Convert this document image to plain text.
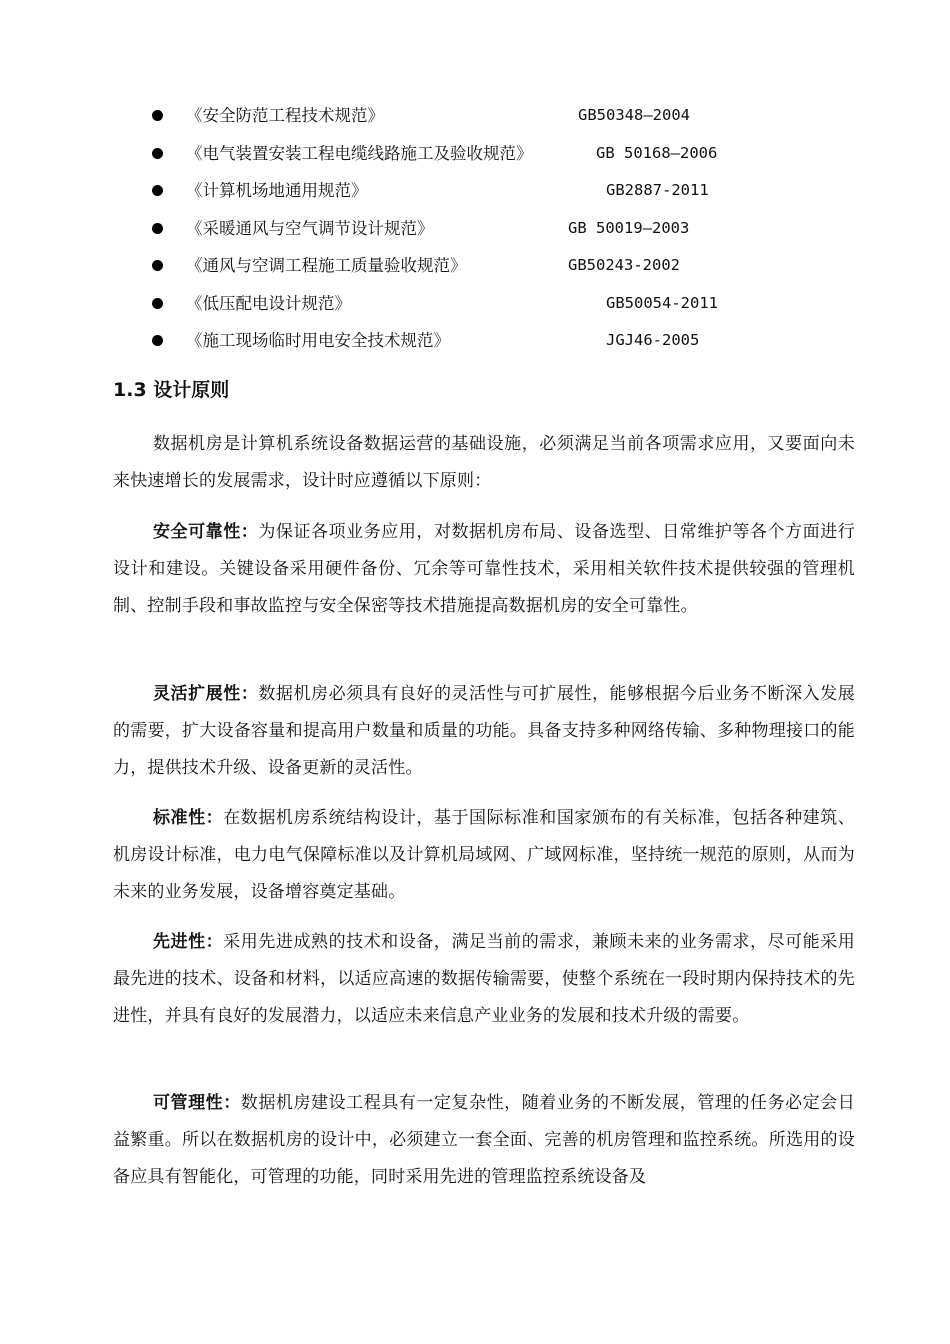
《安全防范工程技术规范》	GB50348—2004
《电气装置安装工程电缆线路施工及验收规范》	GB 50168—2006
《计算机场地通用规范》	GB2887-2011
《采暖通风与空气调节设计规范》	GB 50019—2003
《通风与空调工程施工质量验收规范》	GB50243-2002
《低压配电设计规范》	GB50054-2011
《施工现场临时用电安全技术规范》	JGJ46-2005
1.3 设计原则

数据机房是计算机系统设备数据运营的基础设施，必须满足当前各项需求应用，又要面向未来快速增长的发展需求，设计时应遵循以下原则：

安全可靠性：为保证各项业务应用，对数据机房布局、设备选型、日常维护等各个方面进行设计和建设。关键设备采用硬件备份、冗余等可靠性技术，采用相关软件技术提供较强的管理机制、控制手段和事故监控与安全保密等技术措施提高数据机房的安全可靠性。

灵活扩展性：数据机房必须具有良好的灵活性与可扩展性，能够根据今后业务不断深入发展的需要，扩大设备容量和提高用户数量和质量的功能。具备支持多种网络传输、多种物理接口的能力，提供技术升级、设备更新的灵活性。

标准性：在数据机房系统结构设计，基于国际标准和国家颁布的有关标准，包括各种建筑、机房设计标准，电力电气保障标准以及计算机局域网、广域网标准，坚持统一规范的原则，从而为未来的业务发展，设备增容奠定基础。

先进性：采用先进成熟的技术和设备，满足当前的需求，兼顾未来的业务需求，尽可能采用最先进的技术、设备和材料，以适应高速的数据传输需要，使整个系统在一段时期内保持技术的先进性，并具有良好的发展潜力，以适应未来信息产业业务的发展和技术升级的需要。

可管理性：数据机房建设工程具有一定复杂性，随着业务的不断发展，管理的任务必定会日益繁重。所以在数据机房的设计中，必须建立一套全面、完善的机房管理和监控系统。所选用的设备应具有智能化，可管理的功能，同时采用先进的管理监控系统设备及
